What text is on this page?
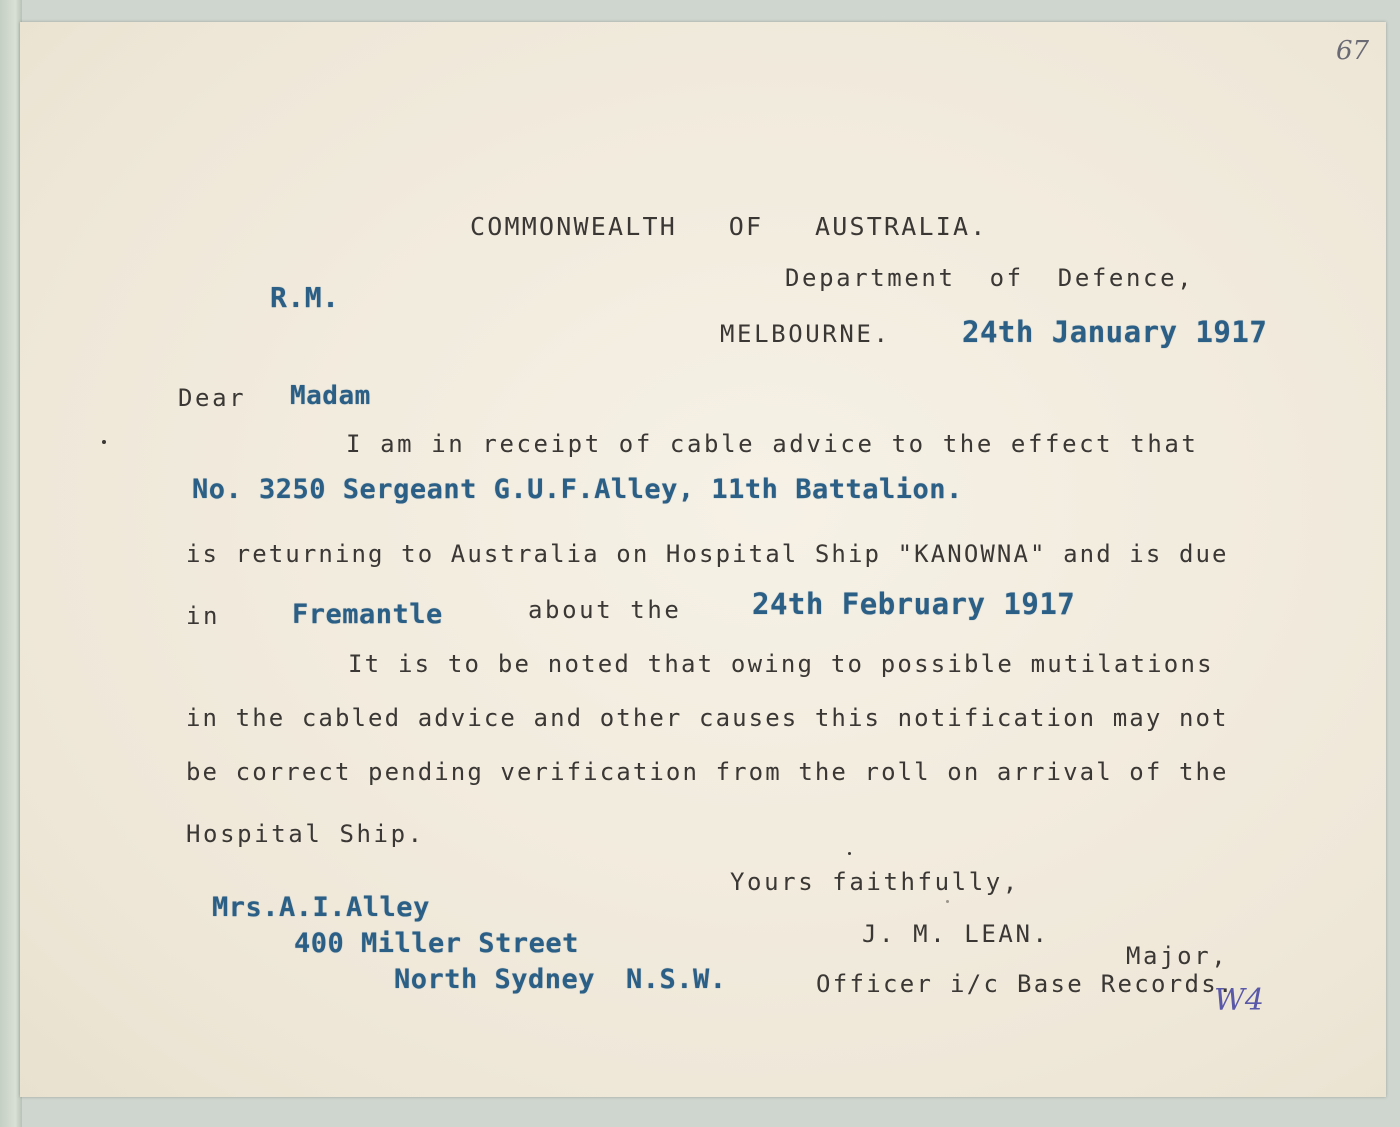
67
COMMONWEALTH   OF   AUSTRALIA.
Department  of  Defence,
R.M.
MELBOURNE. 24th January 1917
Dear Madam
I am in receipt of cable advice to the effect that
No. 3250 Sergeant G.U.F.Alley, 11th Battalion.
is returning to Australia on Hospital Ship "KANOWNA" and is due
in	Fremantle	about the 24th February 1917
It is to be noted that owing to possible mutilations
in the cabled advice and other causes this notification may not
be correct pending verification from the roll on arrival of the
Hospital Ship.
Yours faithfully,
J. M. LEAN.
Major,
Officer i/c Base Records.
W4
Mrs.A.I.Alley
400 Miller Street
North Sydney N.S.W.
